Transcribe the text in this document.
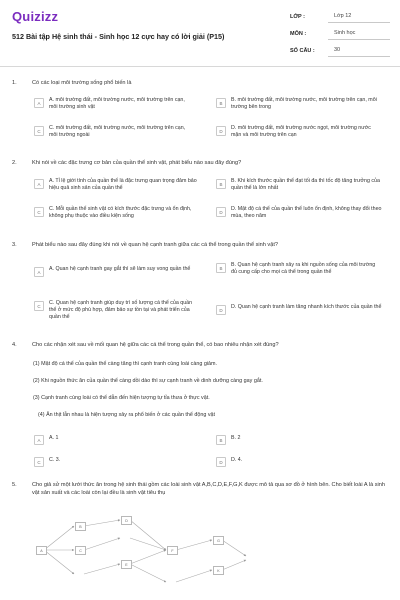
Quizizz
512 Bài tập Hệ sinh thái - Sinh học 12 cực hay có lời giải (P15)
LỚP :	Lớp 12
MÔN :	Sinh học
SỐ CÂU :	30
1.	Có các loại môi trường sống phổ biến là
A	A. môi trường đất, môi trường nước, môi trường trên cạn, môi trường sinh vật
B	B. môi trường đất, môi trường nước, môi trường trên cạn, môi trường bên trong
C	C. môi trường đất, môi trường nước, môi trường trên cạn, môi trường ngoài
D	D. môi trường đất, môi trường nước ngọt, môi trường nước mặn và môi trường trên cạn
2.	Khi nói về các đặc trưng cơ bản của quần thể sinh vật, phát biểu nào sau đây đúng?
A	A. Tỉ lệ giới tính của quần thể là đặc trưng quan trọng đảm bảo hiệu quả sinh sản của quần thể
B	B. Khi kích thước quần thể đạt tối đa thì tốc độ tăng trưởng của quần thể là lớn nhất
C	C. Mỗi quần thể sinh vật có kích thước đặc trưng và ổn định, không phụ thuộc vào điều kiện sống
D	D. Mật độ cá thể của quần thể luôn ổn định, không thay đổi theo mùa, theo năm
3.	Phát biểu nào sau đây đúng khi nói về quan hệ cạnh tranh giữa các cá thể trong quần thể sinh vật?
A	A. Quan hệ cạnh tranh gay gắt thì sẽ làm suy vong quần thể	B	B. Quan hệ cạnh tranh xảy ra khi nguồn sống của môi trường đủ cung cấp cho mọi cá thể trong quần thể
C	C. Quan hệ cạnh tranh giúp duy trì số lượng cá thể của quần thể ở mức độ phù hợp, đảm bảo sự tồn tại và phát triển của quần thể
D	D. Quan hệ cạnh tranh làm tăng nhanh kích thước của quần thể
4.	Cho các nhận xét sau về mối quan hệ giữa các cá thể trong quần thể, có bao nhiêu nhận xét đúng?
(1) Mật độ cá thể của quần thể càng tăng thì cạnh tranh cùng loài càng giảm.
(2) Khi nguồn thức ăn của quần thể càng dồi dào thì sự cạnh tranh về dinh dưỡng càng gay gắt.
(3) Cạnh tranh cùng loài có thể dẫn đến hiện tượng tự tỉa thưa ở thực vật.
(4) Ăn thịt lẫn nhau là hiện tượng xảy ra phổ biến ở các quần thể động vật
A	A. 1	B	B. 2
C	C. 3.	D	D. 4.
5.	Cho giả sử một lưới thức ăn trong hệ sinh thái gồm các loài sinh vật A,B,C,D,E,F,G,K được mô tả qua sơ đồ ở hình bên. Cho biết loài A là sinh vật sản xuất và các loài còn lại đều là sinh vật tiêu thụ
A
B
C
D
E
F
G
K
